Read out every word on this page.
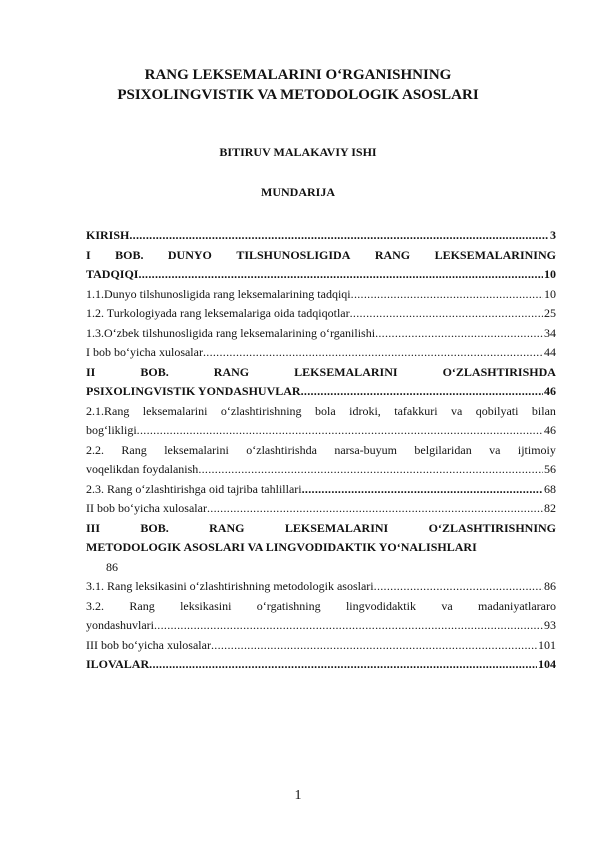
RANG LEKSEMALARINI O‘RGANISHNING
PSIXOLINGVISTIK VA METODOLOGIK ASOSLARI
BITIRUV MALAKAVIY ISHI
MUNDARIJA
KIRISH .....	3
I BOB. DUNYO TILSHUNOSLIGIDA RANG LEKSEMALARINING
TADQIQI .....	10
1.1.Dunyo tilshunosligida rang leksemalarining tadqiqi .....	10
1.2. Turkologiyada rang leksemalariga oida tadqiqotlar .....	25
1.3.O‘zbek tilshunosligida rang leksemalarining o‘rganilishi .....	34
I bob bo‘yicha xulosalar .....	44
II	BOB.	RANG	LEKSEMALARINI	O‘ZLASHTIRISHDA
PSIXOLINGVISTIK YONDASHUVLAR .....	46
2.1.Rang leksemalarini o‘zlashtirishning bola idroki, tafakkuri va qobilyati bilan
bog‘likligi .....	46
2.2. Rang leksemalarini o‘zlashtirishda narsa-buyum belgilaridan va ijtimoiy
voqelikdan foydalanish .....	56
2.3. Rang o‘zlashtirishga oid tajriba tahlillari .....	68
II bob bo‘yicha xulosalar .....	82
III	BOB.	RANG	LEKSEMALARINI	O‘ZLASHTIRISHNING
METODOLOGIK ASOSLARI VA LINGVODIDAKTIK YO‘NALISHLARI
86
3.1. Rang leksikasini o‘zlashtirishning metodologik asoslari .....	86
3.2. Rang leksikasini o‘rgatishning lingvodidaktik va madaniyatlararo
yondashuvlari .....	93
III bob bo‘yicha xulosalar .....	101
ILOVALAR .....	104
1
